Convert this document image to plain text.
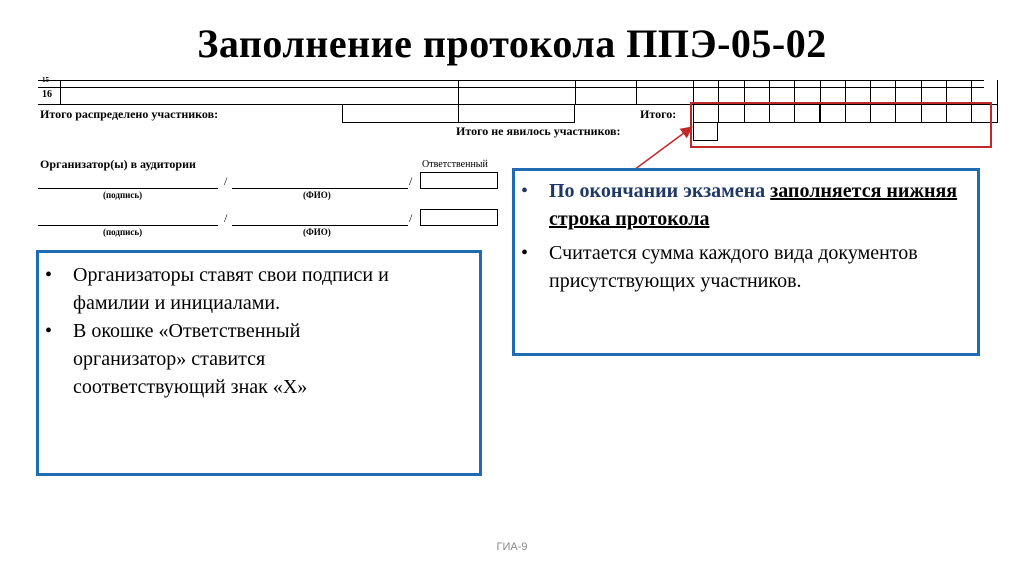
Заполнение протокола ППЭ-05-02
15
16
Итого распределено участников:	Итого:
Итого не явилось участников:
Организатор(ы) в аудитории	Ответственный
/	/
(подпись)	(ФИО)
/	/
(подпись)	(ФИО)
• Организаторы ставят свои подписи и фамилии и инициалами.
• В окошке «Ответственный организатор» ставится соответствующий знак «Х»
• По окончании экзамена заполняется нижняя строка протокола
• Считается сумма каждого вида документов присутствующих участников.
ГИА-9
